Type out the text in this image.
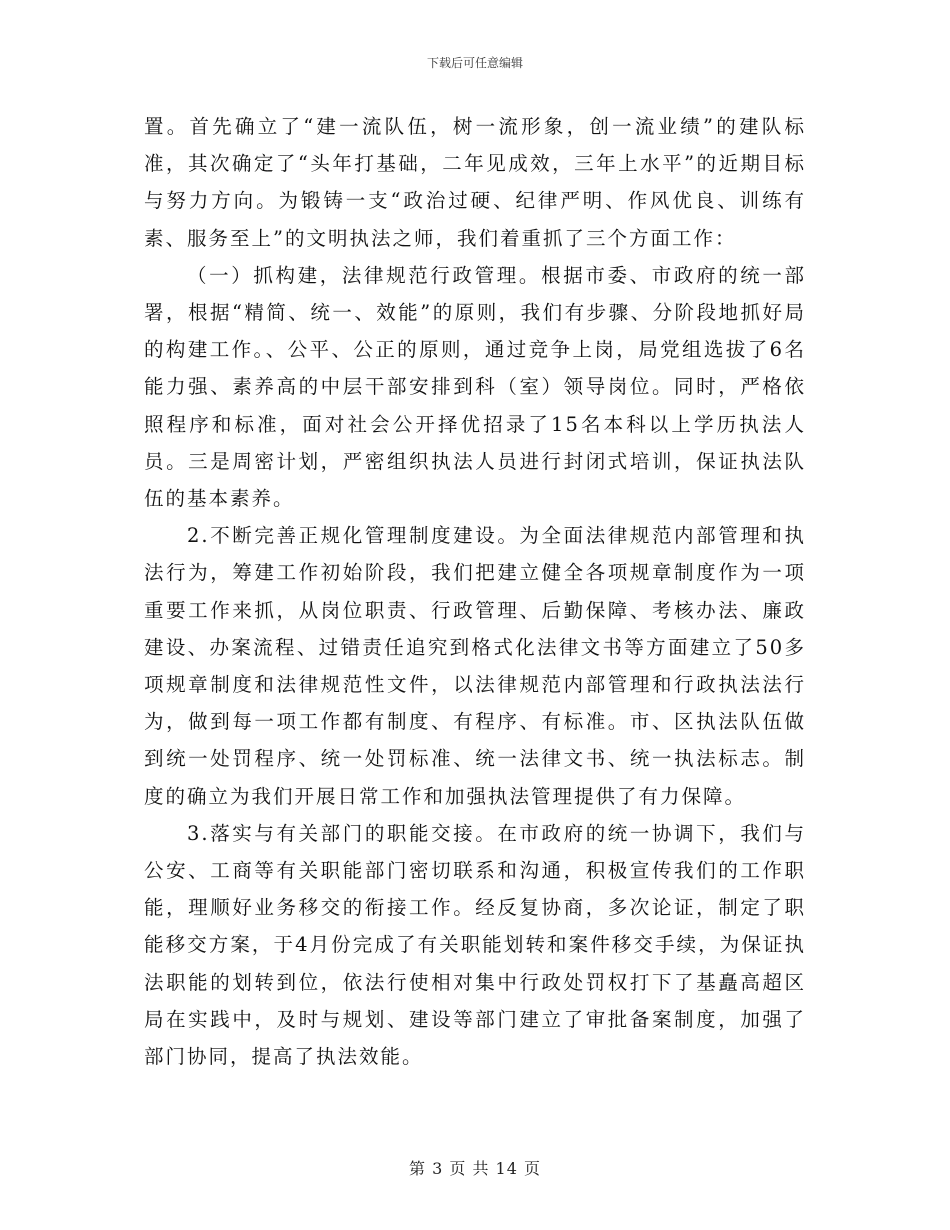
下载后可任意编辑

置。首先确立了“建一流队伍，树一流形象，创一流业绩”的建队标准，其次确定了“头年打基础，二年见成效，三年上水平”的近期目标与努力方向。为锻铸一支“政治过硬、纪律严明、作风优良、训练有素、服务至上”的文明执法之师，我们着重抓了三个方面工作：

（一）抓构建，法律规范行政管理。根据市委、市政府的统一部署，根据“精简、统一、效能”的原则，我们有步骤、分阶段地抓好局的构建工作。、公平、公正的原则，通过竞争上岗，局党组选拔了6名能力强、素养高的中层干部安排到科（室）领导岗位。同时，严格依照程序和标准，面对社会公开择优招录了15名本科以上学历执法人员。三是周密计划，严密组织执法人员进行封闭式培训，保证执法队伍的基本素养。

2.不断完善正规化管理制度建设。为全面法律规范内部管理和执法行为，筹建工作初始阶段，我们把建立健全各项规章制度作为一项重要工作来抓，从岗位职责、行政管理、后勤保障、考核办法、廉政建设、办案流程、过错责任追究到格式化法律文书等方面建立了50多项规章制度和法律规范性文件，以法律规范内部管理和行政执法法行为，做到每一项工作都有制度、有程序、有标准。市、区执法队伍做到统一处罚程序、统一处罚标准、统一法律文书、统一执法标志。制度的确立为我们开展日常工作和加强执法管理提供了有力保障。

3.落实与有关部门的职能交接。在市政府的统一协调下，我们与公安、工商等有关职能部门密切联系和沟通，积极宣传我们的工作职能，理顺好业务移交的衔接工作。经反复协商，多次论证，制定了职能移交方案，于4月份完成了有关职能划转和案件移交手续，为保证执法职能的划转到位，依法行使相对集中行政处罚权打下了基矗高超区局在实践中，及时与规划、建设等部门建立了审批备案制度，加强了部门协同，提高了执法效能。

第 3 页 共 14 页
